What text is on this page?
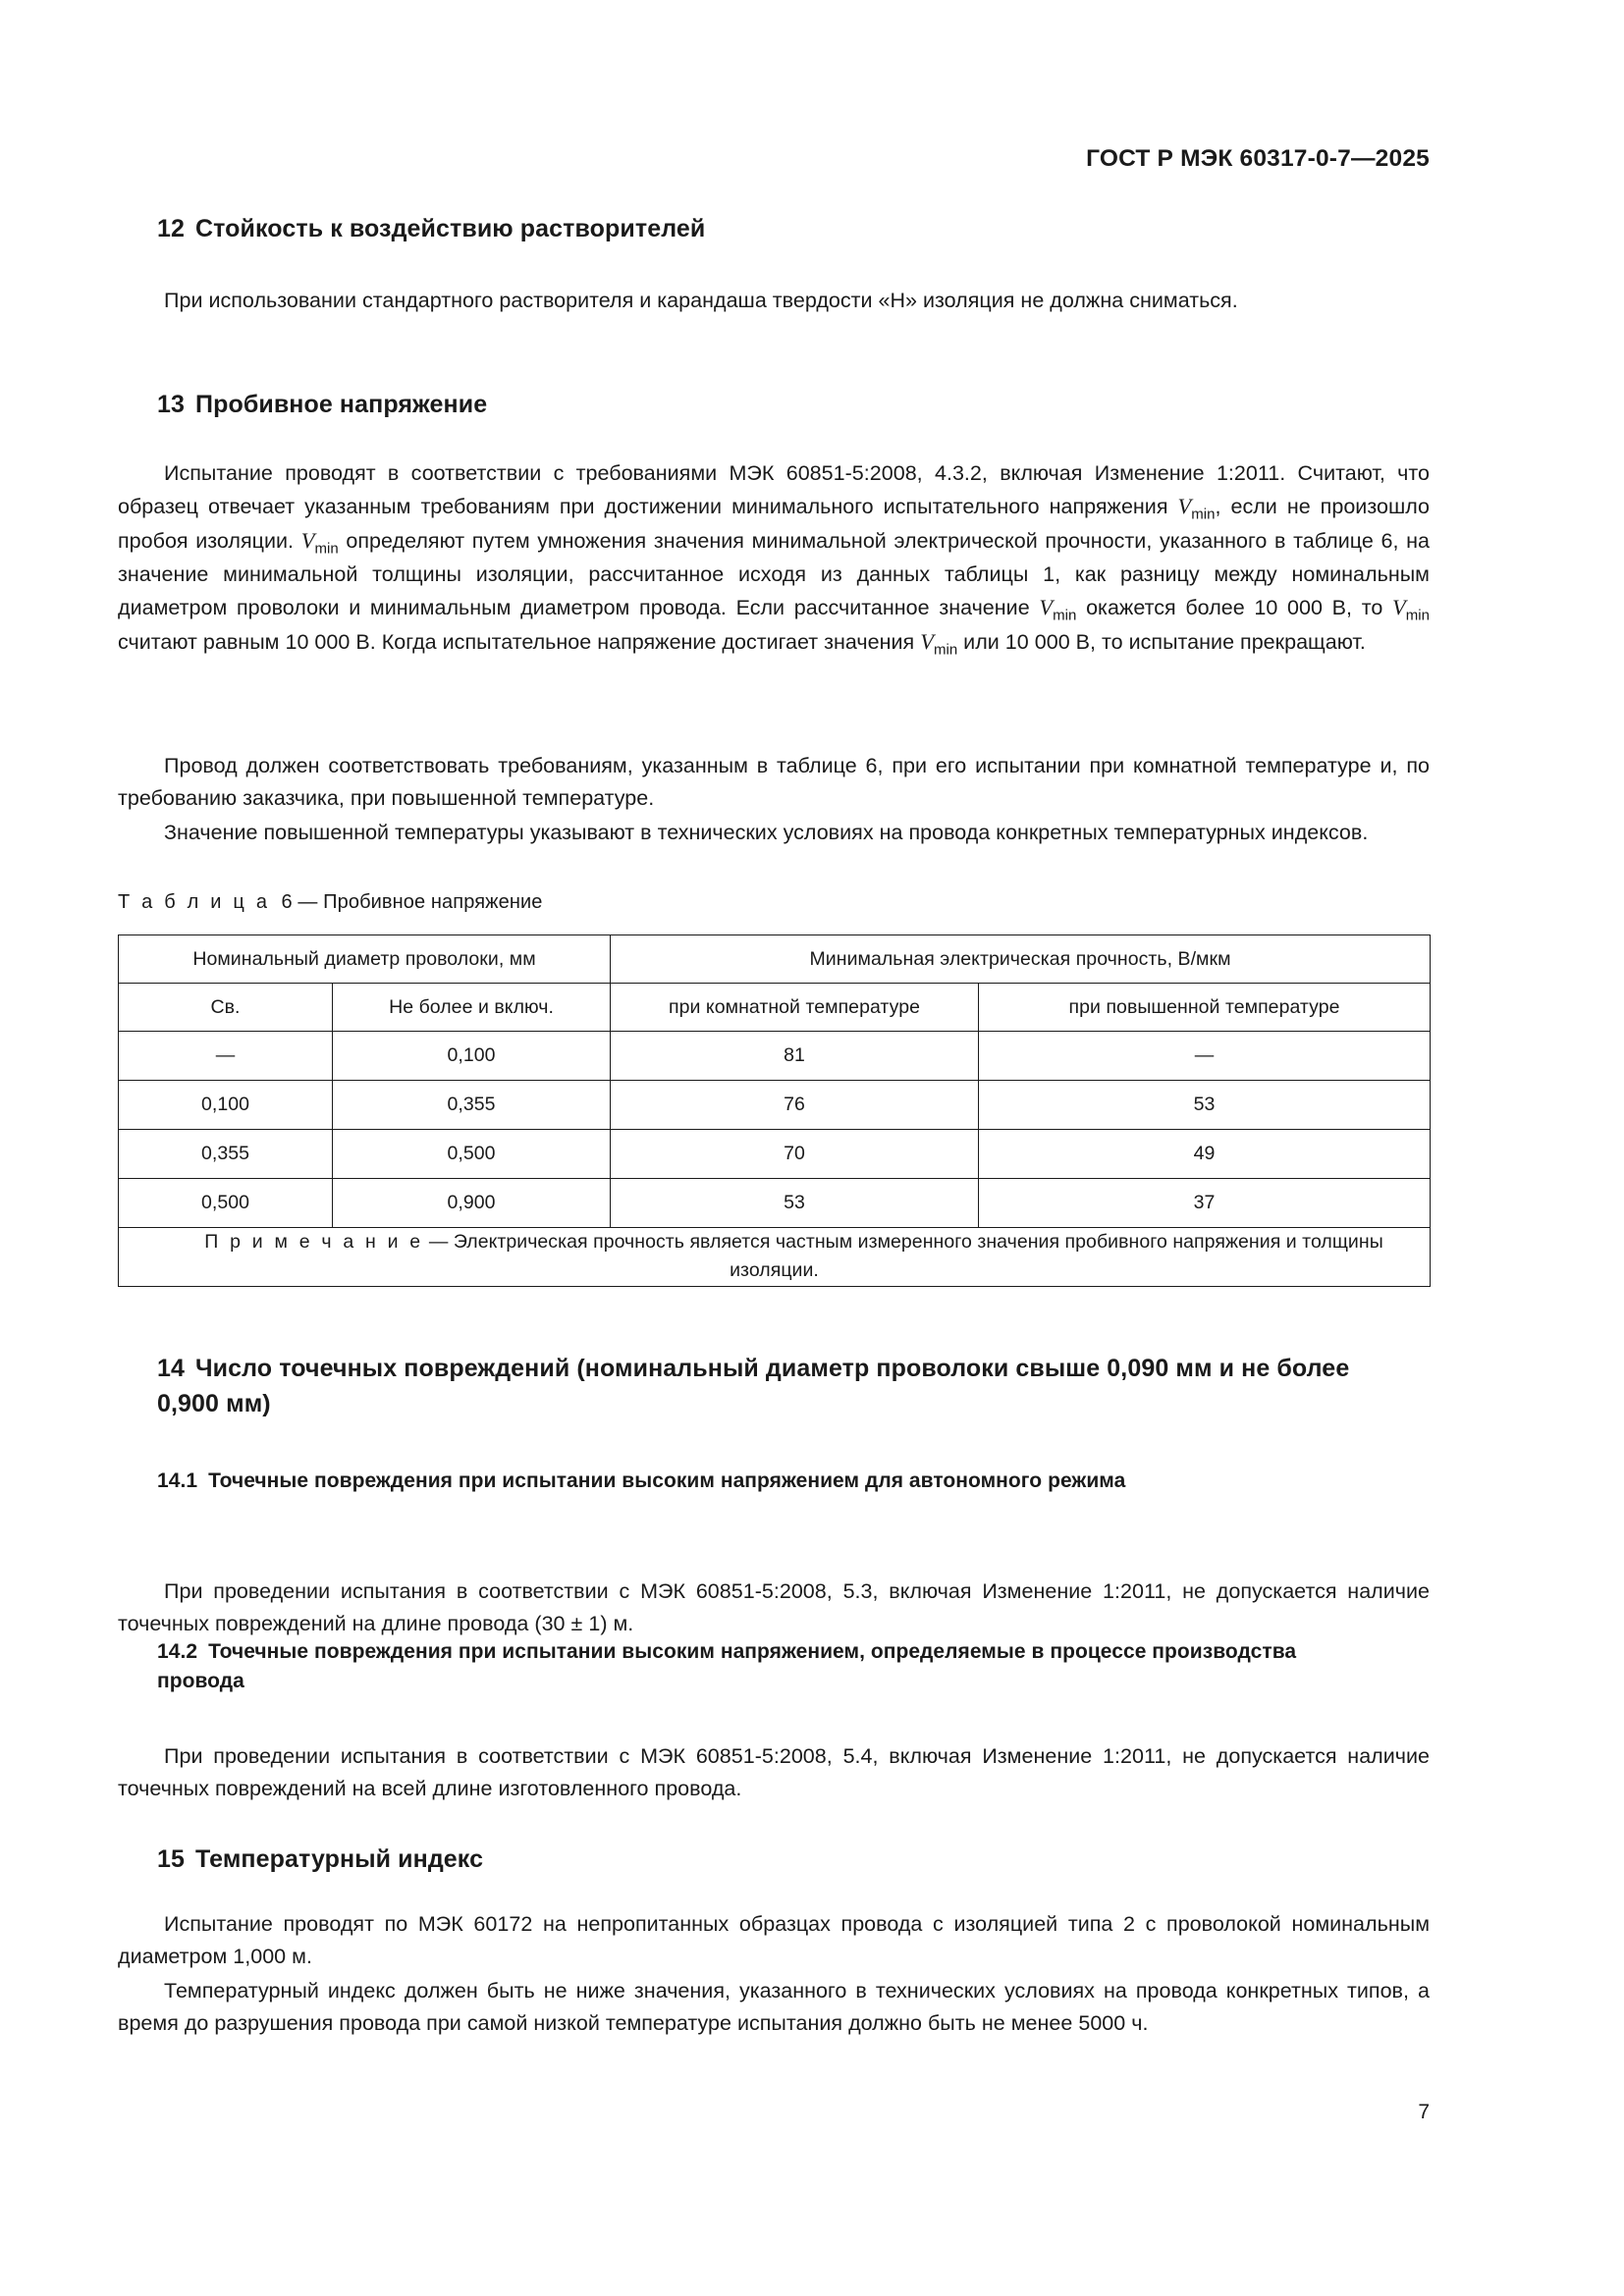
ГОСТ Р МЭК 60317-0-7—2025
12 Стойкость к воздействию растворителей

При использовании стандартного растворителя и карандаша твердости «Н» изоляция не должна сниматься.

13 Пробивное напряжение

Испытание проводят в соответствии с требованиями МЭК 60851-5:2008, 4.3.2, включая Изменение 1:2011. Считают, что образец отвечает указанным требованиям при достижении минимального испытательного напряжения $V_{min}$, если не произошло пробоя изоляции. $V_{min}$ определяют путем умножения значения минимальной электрической прочности, указанного в таблице 6, на значение минимальной толщины изоляции, рассчитанное исходя из данных таблицы 1, как разницу между номинальным диаметром проволоки и минимальным диаметром провода. Если рассчитанное значение $V_{min}$ окажется более 10 000 В, то $V_{min}$ считают равным 10 000 В. Когда испытательное напряжение достигает значения $V_{min}$ или 10 000 В, то испытание прекращают.

Провод должен соответствовать требованиям, указанным в таблице 6, при его испытании при комнатной температуре и, по требованию заказчика, при повышенной температуре.

Значение повышенной температуры указывают в технических условиях на провода конкретных температурных индексов.

Т а б л и ц а 6 — Пробивное напряжение
Номинальный диаметр проволоки, мм		Минимальная электрическая прочность, В/мкм	
Св.	Не более и включ.	при комнатной температуре	при повышенной температуре
—	0,100	81	—
0,100	0,355	76	53
0,355	0,500	70	49
0,500	0,900	53	37

П р и м е ч а н и е — Электрическая прочность является частным измеренного значения пробивного напряжения и толщины изоляции.			
14 Число точечных повреждений (номинальный диаметр проволоки свыше 0,090 мм и не более 0,900 мм)
14.1 Точечные повреждения при испытании высоким напряжением для автономного режима

При проведении испытания в соответствии с МЭК 60851-5:2008, 5.3, включая Изменение 1:2011, не допускается наличие точечных повреждений на длине провода (30 ± 1) м.

14.2 Точечные повреждения при испытании высоким напряжением, определяемые в процессе производства провода

При проведении испытания в соответствии с МЭК 60851-5:2008, 5.4, включая Изменение 1:2011, не допускается наличие точечных повреждений на всей длине изготовленного провода.

15 Температурный индекс

Испытание проводят по МЭК 60172 на непропитанных образцах провода с изоляцией типа 2 с проволокой номинальным диаметром 1,000 м.

Температурный индекс должен быть не ниже значения, указанного в технических условиях на провода конкретных типов, а время до разрушения провода при самой низкой температуре испытания должно быть не менее 5000 ч.

7
